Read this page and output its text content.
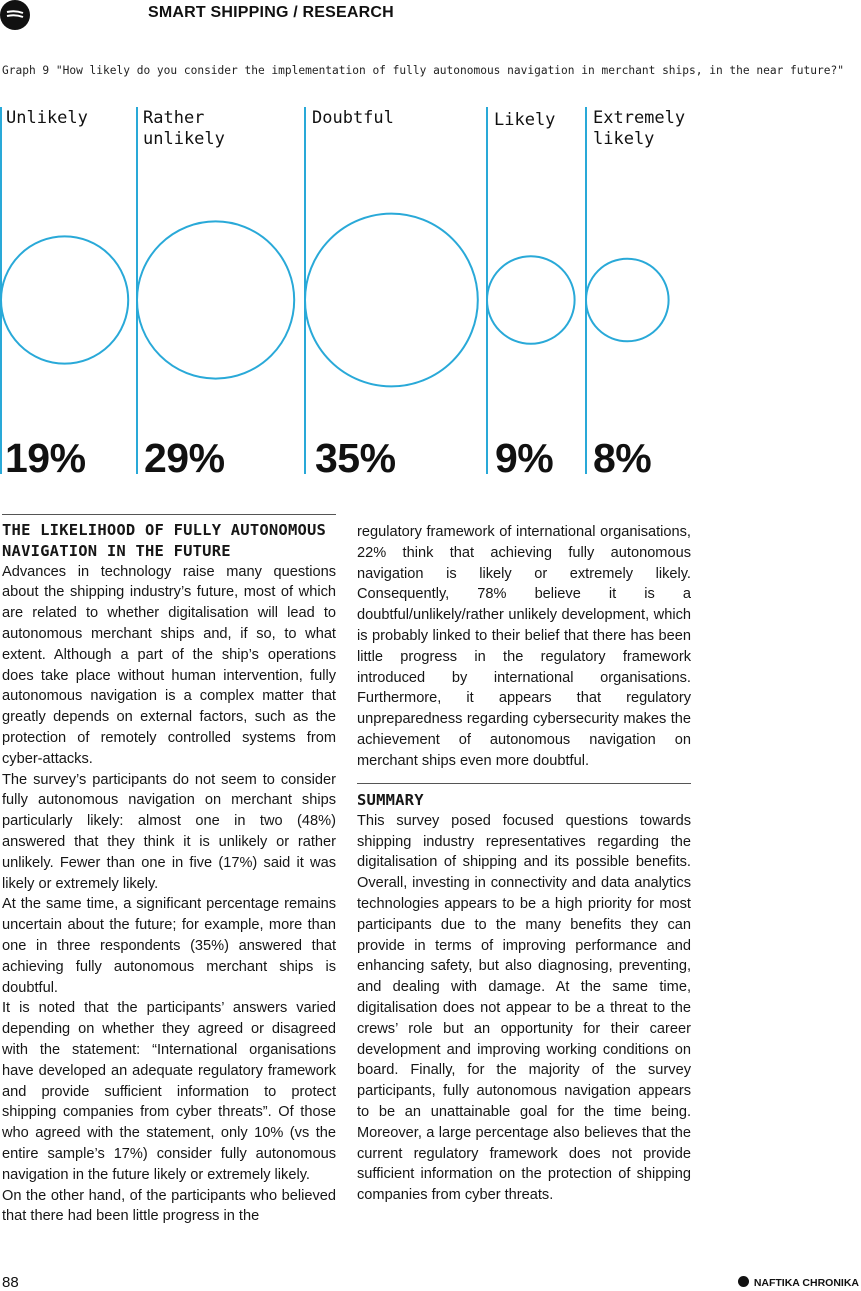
SMART SHIPPING / RESEARCH
Graph 9 "How likely do you consider the implementation of fully autonomous navigation in merchant ships, in the near future?"
Unlikely	Rather unlikely
Doubtful	Likely	Extremely likely
19% 29% 35% 9% 8%

THE LIKELIHOOD OF FULLY AUTONOMOUS NAVIGATION IN THE FUTURE

Advances in technology raise many questions about the shipping industry’s future, most of which are related to whether digitalisation will lead to autonomous merchant ships and, if so, to what extent. Although a part of the ship’s operations does take place without human intervention, fully autonomous navigation is a complex matter that greatly depends on external factors, such as the protection of remotely controlled systems from cyber-attacks.

The survey’s participants do not seem to consider fully autonomous navigation on merchant ships particularly likely: almost one in two (48%) answered that they think it is unlikely or rather unlikely. Fewer than one in five (17%) said it was likely or extremely likely.

At the same time, a significant percentage remains uncertain about the future; for example, more than one in three respondents (35%) answered that achieving fully autonomous merchant ships is doubtful.

It is noted that the participants’ answers varied depending on whether they agreed or disagreed with the statement: “International organisations have developed an adequate regulatory framework and provide sufficient information to protect shipping companies from cyber threats”. Of those who agreed with the statement, only 10% (vs the entire sample’s 17%) consider fully autonomous navigation in the future likely or extremely likely.

On the other hand, of the participants who believed that there had been little progress in the

regulatory framework of international organisations, 22% think that achieving fully autonomous navigation is likely or extremely likely. Consequently, 78% believe it is a doubtful/unlikely/rather unlikely development, which is probably linked to their belief that there has been little progress in the regulatory framework introduced by international organisations. Furthermore, it appears that regulatory unpreparedness regarding cybersecurity makes the achievement of autonomous navigation on merchant ships even more doubtful.

SUMMARY

This survey posed focused questions towards shipping industry representatives regarding the digitalisation of shipping and its possible benefits. Overall, investing in connectivity and data analytics technologies appears to be a high priority for most participants due to the many benefits they can provide in terms of improving performance and enhancing safety, but also diagnosing, preventing, and dealing with damage. At the same time, digitalisation does not appear to be a threat to the crews’ role but an opportunity for their career development and improving working conditions on board. Finally, for the majority of the survey participants, fully autonomous navigation appears to be an unattainable goal for the time being. Moreover, a large percentage also believes that the current regulatory framework does not provide sufficient information on the protection of shipping companies from cyber threats.

88	NAFTIKA CHRONIKA
